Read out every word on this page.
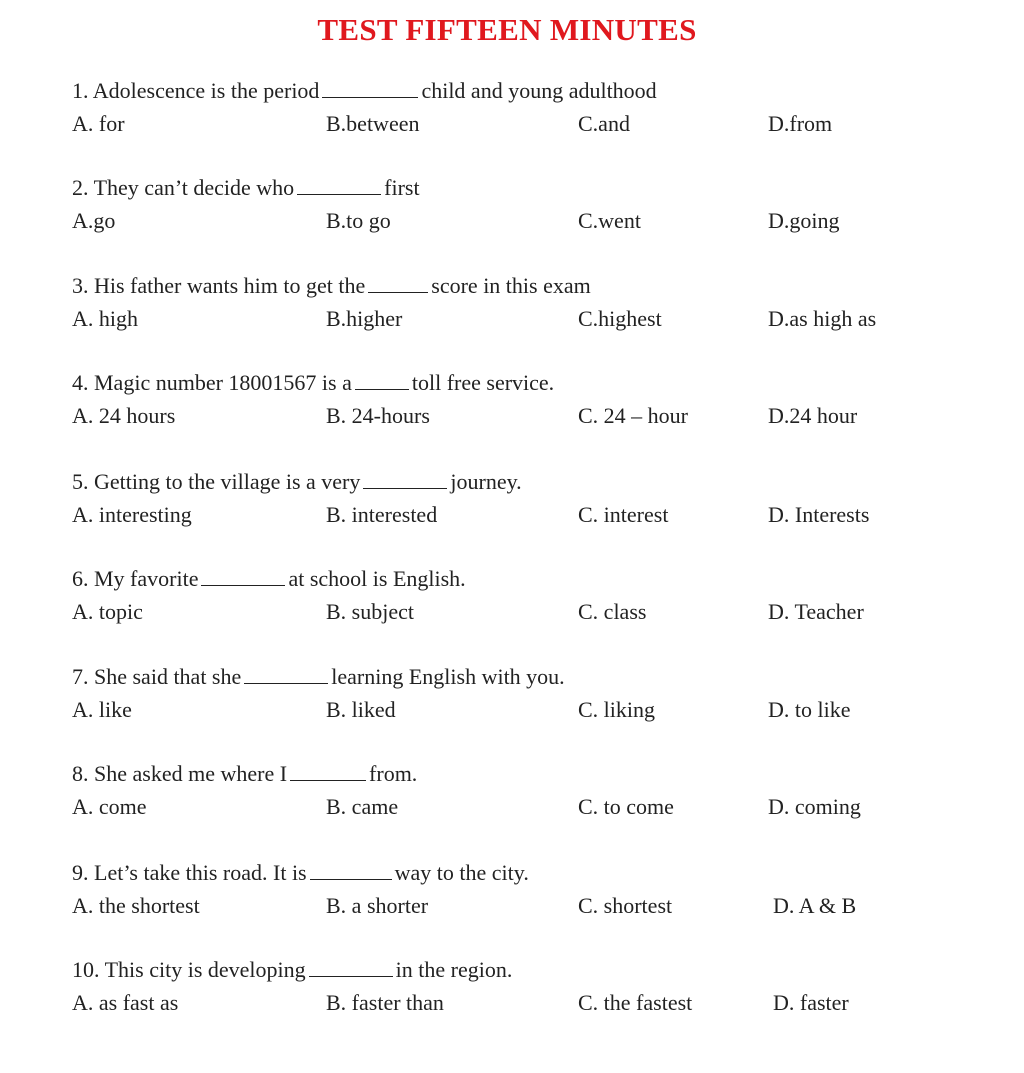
TEST FIFTEEN MINUTES
1. Adolescence is the period	child and young adulthood
A. for	B.between	C.and	D.from
2. They can’t decide who	first
A.go	B.to go	C.went	D.going
3. His father wants him to get the	score in this exam
A. high	B.higher	C.highest	D.as high as
4. Magic number 18001567 is a	toll free service.
A. 24 hours	B. 24-hours	C. 24 – hour	D.24 hour
5. Getting to the village is a very	journey.
A. interesting	B. interested	C. interest	D. Interests
6. My favorite	at school is English.
A. topic	B. subject	C. class	D. Teacher
7. She said that she	learning English with you.
A. like	B. liked	C. liking	D. to like
8. She asked me where I	from.
A. come	B. came	C. to come	D. coming
9. Let’s take this road. It is	way to the city.
A. the shortest	B. a shorter	C. shortest	D. A & B
10. This city is developing	in the region.
A. as fast as	B. faster than	C. the fastest	D. faster
